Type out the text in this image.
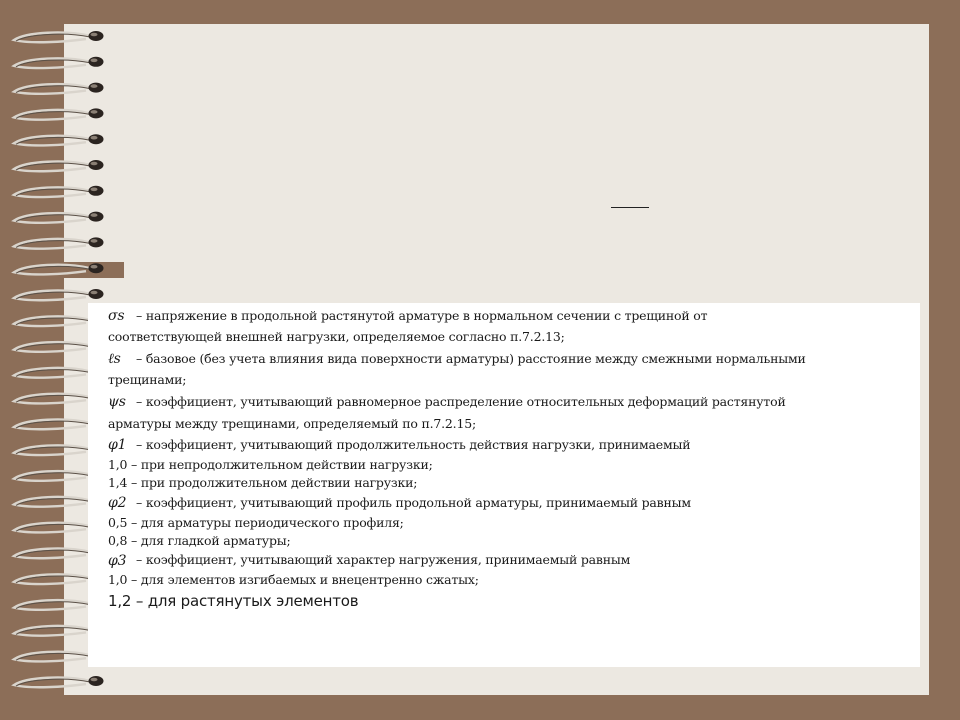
σs – напряжение в продольной растянутой арматуре в нормальном сечении с трещиной от
соответствующей внешней нагрузки, определяемое согласно п.7.2.13;
ℓs	– базовое (без учета влияния вида поверхности арматуры) расстояние между смежными нормальными
трещинами;
ψs – коэффициент, учитывающий равномерное распределение относительных деформаций растянутой
арматуры между трещинами, определяемый по п.7.2.15;
φ1 – коэффициент, учитывающий продолжительность действия нагрузки, принимаемый
1,0 – при непродолжительном действии нагрузки;
1,4 – при продолжительном действии нагрузки;
φ2 – коэффициент, учитывающий профиль продольной арматуры, принимаемый равным
0,5 – для арматуры периодического профиля;
0,8 – для гладкой арматуры;
φ3 – коэффициент, учитывающий характер нагружения, принимаемый равным
1,0 – для элементов изгибаемых и внецентренно сжатых;
1,2 – для растянутых элементов
